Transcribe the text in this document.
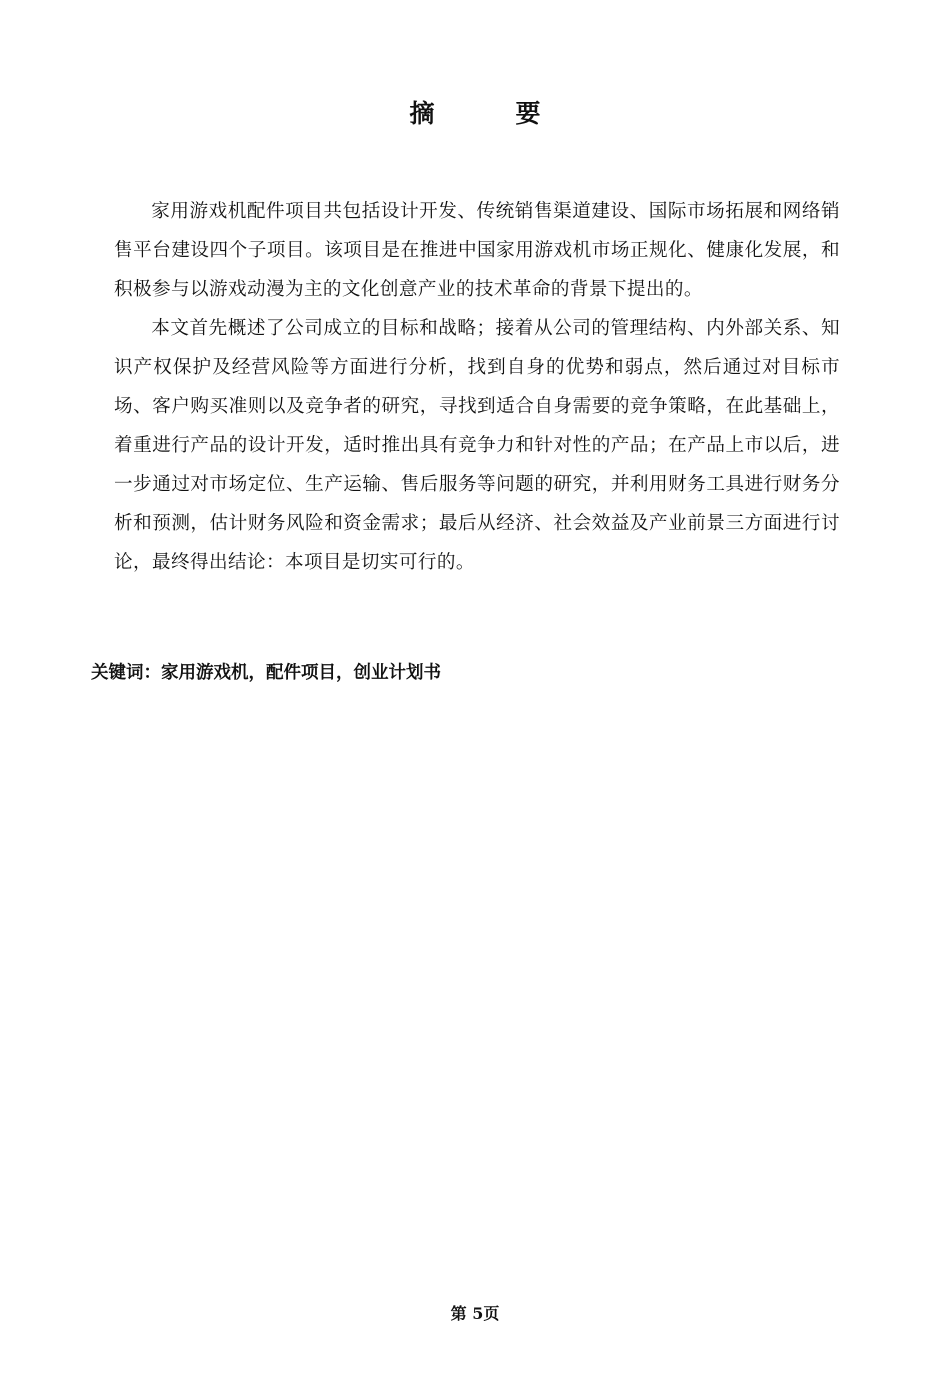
摘　要

家用游戏机配件项目共包括设计开发、传统销售渠道建设、国际市场拓展和网络销售平台建设四个子项目。该项目是在推进中国家用游戏机市场正规化、健康化发展，和积极参与以游戏动漫为主的文化创意产业的技术革命的背景下提出的。

本文首先概述了公司成立的目标和战略；接着从公司的管理结构、内外部关系、知识产权保护及经营风险等方面进行分析，找到自身的优势和弱点，然后通过对目标市场、客户购买准则以及竞争者的研究，寻找到适合自身需要的竞争策略，在此基础上，着重进行产品的设计开发，适时推出具有竞争力和针对性的产品；在产品上市以后，进一步通过对市场定位、生产运输、售后服务等问题的研究，并利用财务工具进行财务分析和预测，估计财务风险和资金需求；最后从经济、社会效益及产业前景三方面进行讨论，最终得出结论：本项目是切实可行的。

关键词：家用游戏机，配件项目，创业计划书
第 5页
